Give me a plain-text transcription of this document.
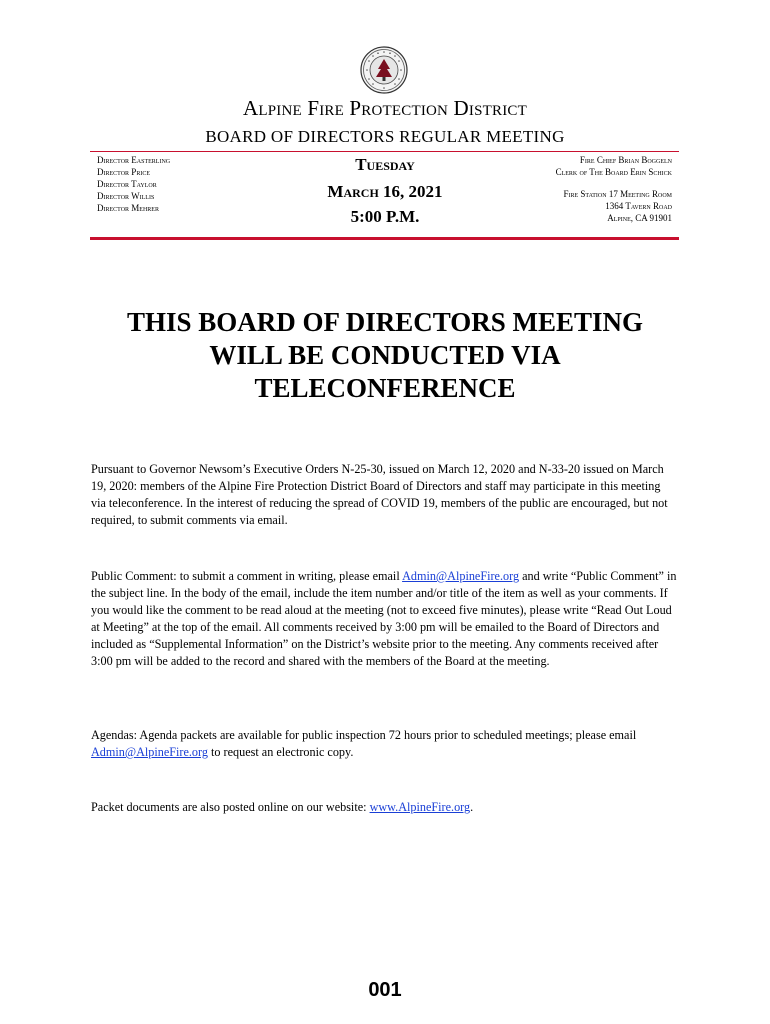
Alpine Fire Protection District
BOARD OF DIRECTORS REGULAR MEETING
Director Easterling
Director Price
Director Taylor
Director Willis
Director Mehrer
Tuesday
March 16, 2021
5:00 P.M.
Fire Chief Brian Boggeln
Clerk of The Board Erin Schick
Fire Station 17 Meeting Room
1364 Tavern Road
Alpine, CA 91901
THIS BOARD OF DIRECTORS MEETING
WILL BE CONDUCTED VIA
TELECONFERENCE
Pursuant to Governor Newsom’s Executive Orders N-25-30, issued on March 12, 2020 and N-33-20 issued on March 19, 2020: members of the Alpine Fire Protection District Board of Directors and staff may participate in this meeting via teleconference. In the interest of reducing the spread of COVID 19, members of the public are encouraged, but not required, to submit comments via email.
Public Comment: to submit a comment in writing, please email Admin@AlpineFire.org and write “Public Comment” in the subject line. In the body of the email, include the item number and/or title of the item as well as your comments. If you would like the comment to be read aloud at the meeting (not to exceed five minutes), please write “Read Out Loud at Meeting” at the top of the email. All comments received by 3:00 pm will be emailed to the Board of Directors and included as “Supplemental Information” on the District’s website prior to the meeting. Any comments received after 3:00 pm will be added to the record and shared with the members of the Board at the meeting.
Agendas: Agenda packets are available for public inspection 72 hours prior to scheduled meetings; please email Admin@AlpineFire.org to request an electronic copy.
Packet documents are also posted online on our website: www.AlpineFire.org.
001
